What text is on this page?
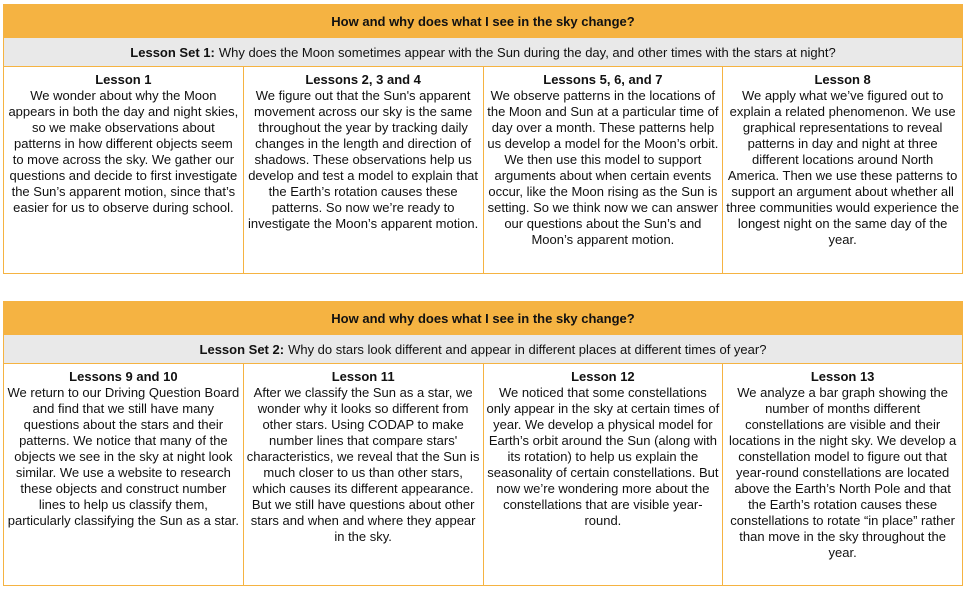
How and why does what I see in the sky change?
Lesson Set 1: Why does the Moon sometimes appear with the Sun during the day, and other times with the stars at night?
Lesson 1
We wonder about why the Moon appears in both the day and night skies, so we make observations about patterns in how different objects seem to move across the sky. We gather our questions and decide to first investigate the Sun’s apparent motion, since that’s easier for us to observe during school.
Lessons 2, 3 and 4
We figure out that the Sun's apparent movement across our sky is the same throughout the year by tracking daily changes in the length and direction of shadows. These observations help us develop and test a model to explain that the Earth’s rotation causes these patterns. So now we’re ready to investigate the Moon’s apparent motion.
Lessons 5, 6, and 7
We observe patterns in the locations of the Moon and Sun at a particular time of day over a month. These patterns help us develop a model for the Moon’s orbit. We then use this model to support arguments about when certain events occur, like the Moon rising as the Sun is setting. So we think now we can answer our questions about the Sun’s and Moon’s apparent motion.
Lesson 8
We apply what we’ve figured out to explain a related phenomenon. We use graphical representations to reveal patterns in day and night at three different locations around North America. Then we use these patterns to support an argument about whether all three communities would experience the longest night on the same day of the year.
How and why does what I see in the sky change?
Lesson Set 2: Why do stars look different and appear in different places at different times of year?
Lessons 9 and 10
We return to our Driving Question Board and find that we still have many questions about the stars and their patterns. We notice that many of the objects we see in the sky at night look similar. We use a website to research these objects and construct number lines to help us classify them, particularly classifying the Sun as a star.
Lesson 11
After we classify the Sun as a star, we wonder why it looks so different from other stars. Using CODAP to make number lines that compare stars' characteristics, we reveal that the Sun is much closer to us than other stars, which causes its different appearance. But we still have questions about other stars and when and where they appear in the sky.
Lesson 12
We noticed that some constellations only appear in the sky at certain times of year. We develop a physical model for Earth’s orbit around the Sun (along with its rotation) to help us explain the seasonality of certain constellations. But now we’re wondering more about the constellations that are visible year-round.
Lesson 13
We analyze a bar graph showing the number of months different constellations are visible and their locations in the night sky. We develop a constellation model to figure out that year-round constellations are located above the Earth’s North Pole and that the Earth’s rotation causes these constellations to rotate “in place” rather than move in the sky throughout the year.
